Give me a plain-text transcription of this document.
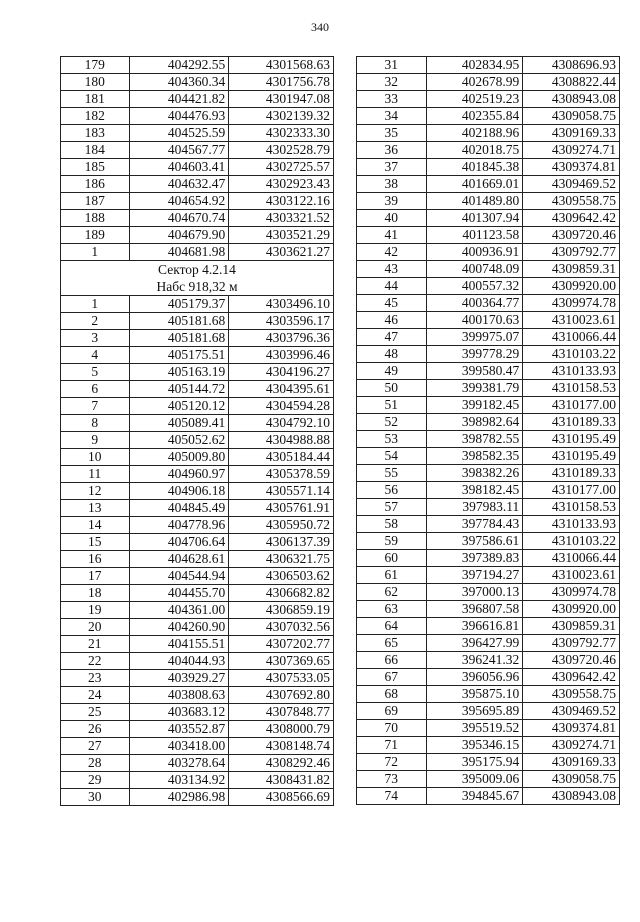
340
179	404292.55	4301568.63
180	404360.34	4301756.78
181	404421.82	4301947.08
182	404476.93	4302139.32
183	404525.59	4302333.30
184	404567.77	4302528.79
185	404603.41	4302725.57
186	404632.47	4302923.43
187	404654.92	4303122.16
188	404670.74	4303321.52
189	404679.90	4303521.29
1	404681.98	4303621.27

Сектор 4.2.14
Набс 918,32 м		

1	405179.37	4303496.10
2	405181.68	4303596.17
3	405181.68	4303796.36
4	405175.51	4303996.46
5	405163.19	4304196.27
6	405144.72	4304395.61
7	405120.12	4304594.28
8	405089.41	4304792.10
9	405052.62	4304988.88
10	405009.80	4305184.44
11	404960.97	4305378.59
12	404906.18	4305571.14
13	404845.49	4305761.91
14	404778.96	4305950.72
15	404706.64	4306137.39
16	404628.61	4306321.75
17	404544.94	4306503.62
18	404455.70	4306682.82
19	404361.00	4306859.19
20	404260.90	4307032.56
21	404155.51	4307202.77
22	404044.93	4307369.65
23	403929.27	4307533.05
24	403808.63	4307692.80
25	403683.12	4307848.77
26	403552.87	4308000.79
27	403418.00	4308148.74
28	403278.64	4308292.46
29	403134.92	4308431.82
30	402986.98	4308566.69
31	402834.95	4308696.93
32	402678.99	4308822.44
33	402519.23	4308943.08
34	402355.84	4309058.75
35	402188.96	4309169.33
36	402018.75	4309274.71
37	401845.38	4309374.81
38	401669.01	4309469.52
39	401489.80	4309558.75
40	401307.94	4309642.42
41	401123.58	4309720.46
42	400936.91	4309792.77
43	400748.09	4309859.31
44	400557.32	4309920.00
45	400364.77	4309974.78
46	400170.63	4310023.61
47	399975.07	4310066.44
48	399778.29	4310103.22
49	399580.47	4310133.93
50	399381.79	4310158.53
51	399182.45	4310177.00
52	398982.64	4310189.33
53	398782.55	4310195.49
54	398582.35	4310195.49
55	398382.26	4310189.33
56	398182.45	4310177.00
57	397983.11	4310158.53
58	397784.43	4310133.93
59	397586.61	4310103.22
60	397389.83	4310066.44
61	397194.27	4310023.61
62	397000.13	4309974.78
63	396807.58	4309920.00
64	396616.81	4309859.31
65	396427.99	4309792.77
66	396241.32	4309720.46
67	396056.96	4309642.42
68	395875.10	4309558.75
69	395695.89	4309469.52
70	395519.52	4309374.81
71	395346.15	4309274.71
72	395175.94	4309169.33
73	395009.06	4309058.75
74	394845.67	4308943.08
